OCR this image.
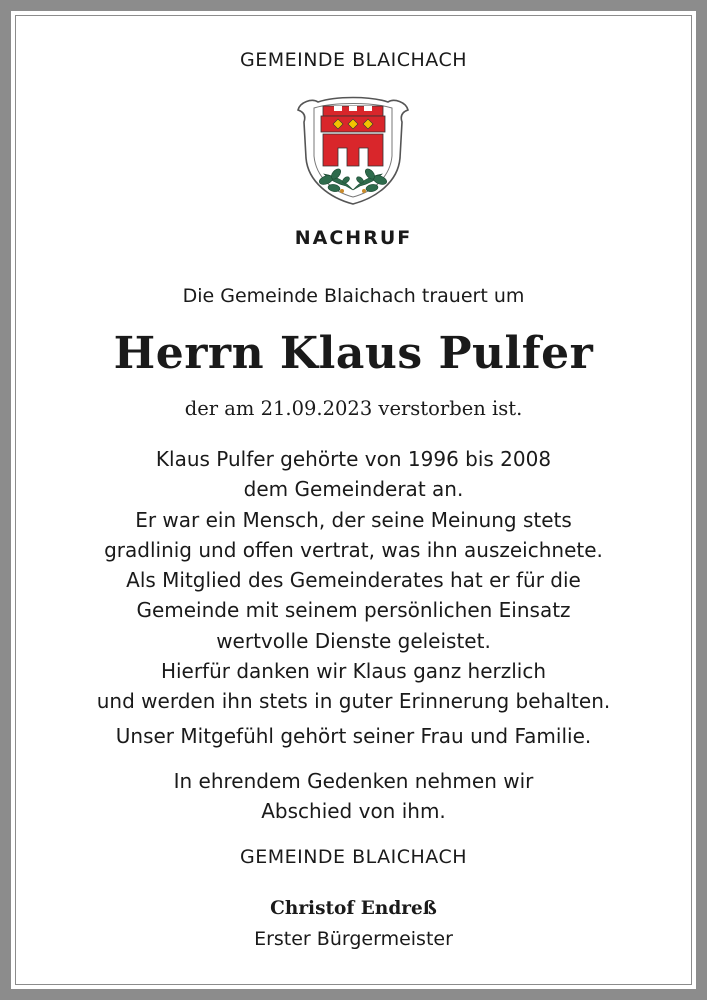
GEMEINDE BLAICHACH
NACHRUF
Die Gemeinde Blaichach trauert um
Herrn Klaus Pulfer
der am 21.09.2023 verstorben ist.
Klaus Pulfer gehörte von 1996 bis 2008
dem Gemeinderat an.
Er war ein Mensch, der seine Meinung stets
gradlinig und offen vertrat, was ihn auszeichnete.
Als Mitglied des Gemeinderates hat er für die
Gemeinde mit seinem persönlichen Einsatz
wertvolle Dienste geleistet.
Hierfür danken wir Klaus ganz herzlich
und werden ihn stets in guter Erinnerung behalten.
Unser Mitgefühl gehört seiner Frau und Familie.
In ehrendem Gedenken nehmen wir
Abschied von ihm.
GEMEINDE BLAICHACH
Christof Endreß
Erster Bürgermeister
